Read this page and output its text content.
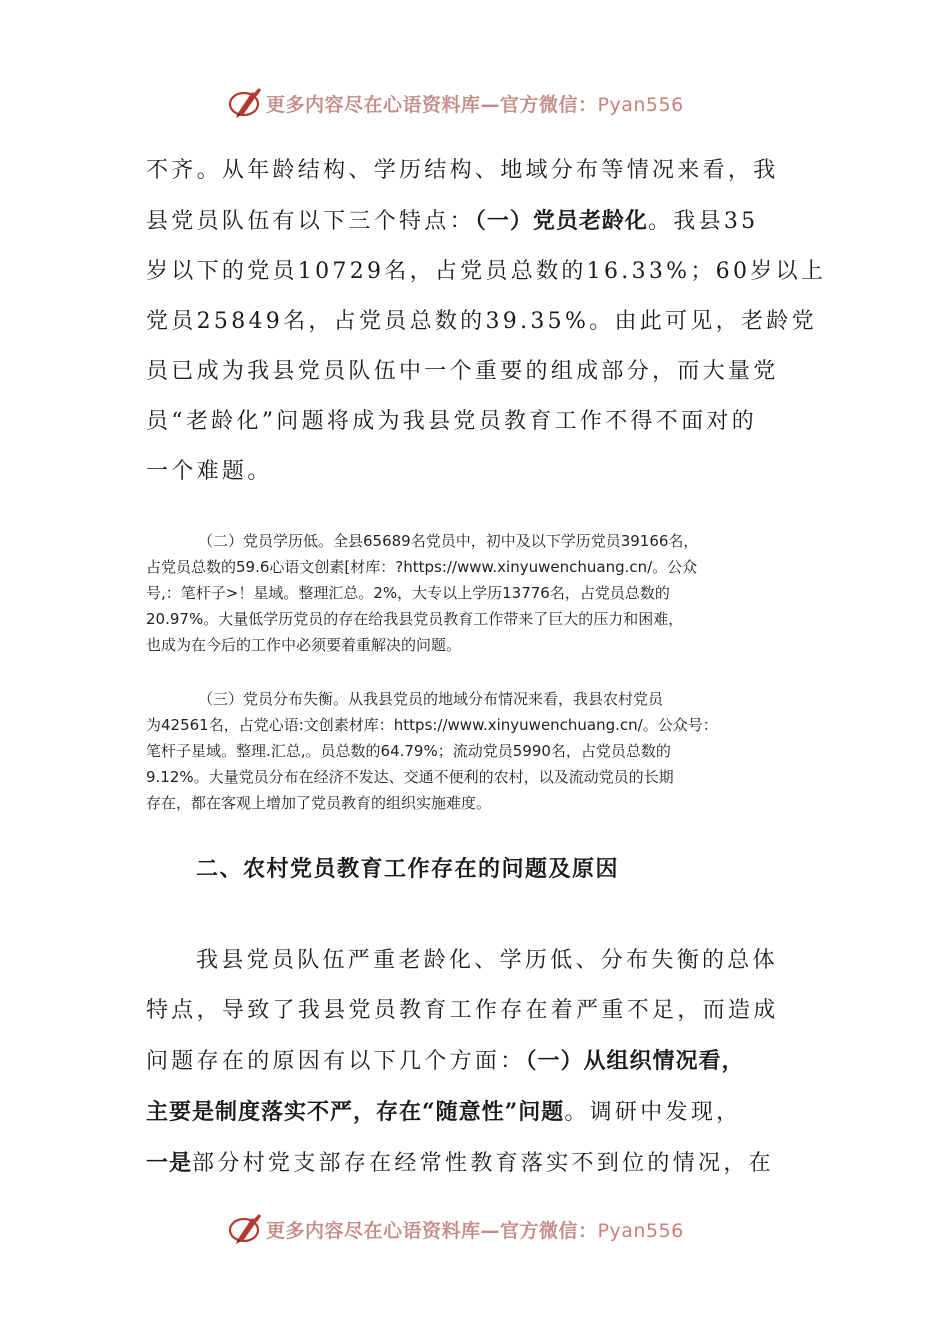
更多内容尽在心语资料库—官方微信：Pyan556

不齐。从年龄结构、学历结构、地域分布等情况来看，我

县党员队伍有以下三个特点：（一）党员老龄化。我县35

岁以下的党员10729名，占党员总数的16.33%；60岁以上

党员25849名，占党员总数的39.35%。由此可见，老龄党

员已成为我县党员队伍中一个重要的组成部分，而大量党

员“老龄化”问题将成为我县党员教育工作不得不面对的

一个难题。

（二）党员学历低。全县65689名党员中，初中及以下学历党员39166名，

占党员总数的59.6心语文创素[材库：?https://www.xinyuwenchuang.cn/。公众

号,：笔杆子>！星域。整理汇总。2%，大专以上学历13776名，占党员总数的

20.97%。大量低学历党员的存在给我县党员教育工作带来了巨大的压力和困难，

也成为在今后的工作中必须要着重解决的问题。

（三）党员分布失衡。从我县党员的地域分布情况来看，我县农村党员

为42561名，占党心语:文创素材库：https://www.xinyuwenchuang.cn/。公众号：

笔杆子星域。整理.汇总,。员总数的64.79%；流动党员5990名，占党员总数的

9.12%。大量党员分布在经济不发达、交通不便利的农村，以及流动党员的长期

存在，都在客观上增加了党员教育的组织实施难度。

二、农村党员教育工作存在的问题及原因

我县党员队伍严重老龄化、学历低、分布失衡的总体

特点，导致了我县党员教育工作存在着严重不足，而造成

问题存在的原因有以下几个方面：（一）从组织情况看，

主要是制度落实不严，存在“随意性”问题。调研中发现，

一是部分村党支部存在经常性教育落实不到位的情况，在

更多内容尽在心语资料库—官方微信：Pyan556
